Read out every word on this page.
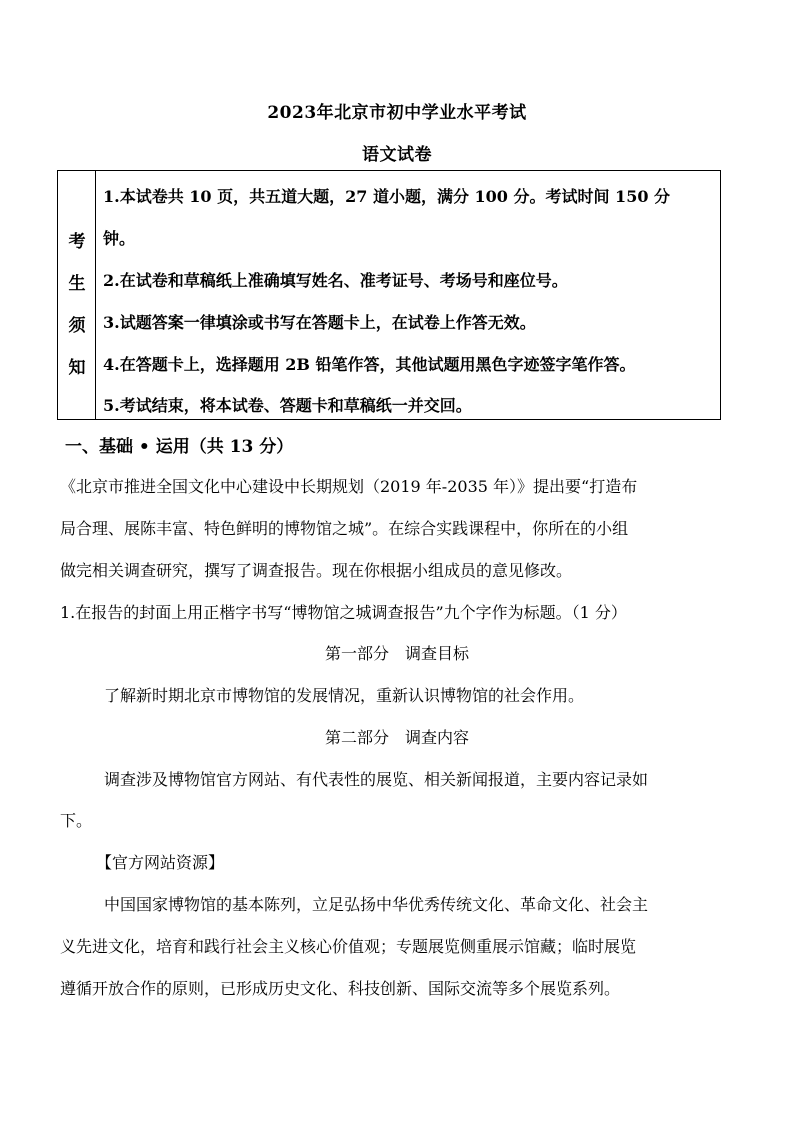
2023年北京市初中学业水平考试
语文试卷
考
生
须
知
1.本试卷共 10 页，共五道大题，27 道小题，满分 100 分。考试时间 150 分
钟。
2.在试卷和草稿纸上准确填写姓名、准考证号、考场号和座位号。
3.试题答案一律填涂或书写在答题卡上，在试卷上作答无效。
4.在答题卡上，选择题用 2B 铅笔作答，其他试题用黑色字迹签字笔作答。
5.考试结束，将本试卷、答题卡和草稿纸一并交回。
一、基础 • 运用（共 13 分）
《北京市推进全国文化中心建设中长期规划（2019 年-2035 年）》提出要“打造布
局合理、展陈丰富、特色鲜明的博物馆之城”。在综合实践课程中，你所在的小组
做完相关调查研究，撰写了调查报告。现在你根据小组成员的意见修改。
1.在报告的封面上用正楷字书写“博物馆之城调查报告”九个字作为标题。（1 分）
第一部分　调查目标
了解新时期北京市博物馆的发展情况，重新认识博物馆的社会作用。
第二部分　调查内容
调查涉及博物馆官方网站、有代表性的展览、相关新闻报道，主要内容记录如
下。
【官方网站资源】
中国国家博物馆的基本陈列，立足弘扬中华优秀传统文化、革命文化、社会主
义先进文化，培育和践行社会主义核心价值观；专题展览侧重展示馆藏；临时展览
遵循开放合作的原则，已形成历史文化、科技创新、国际交流等多个展览系列。
